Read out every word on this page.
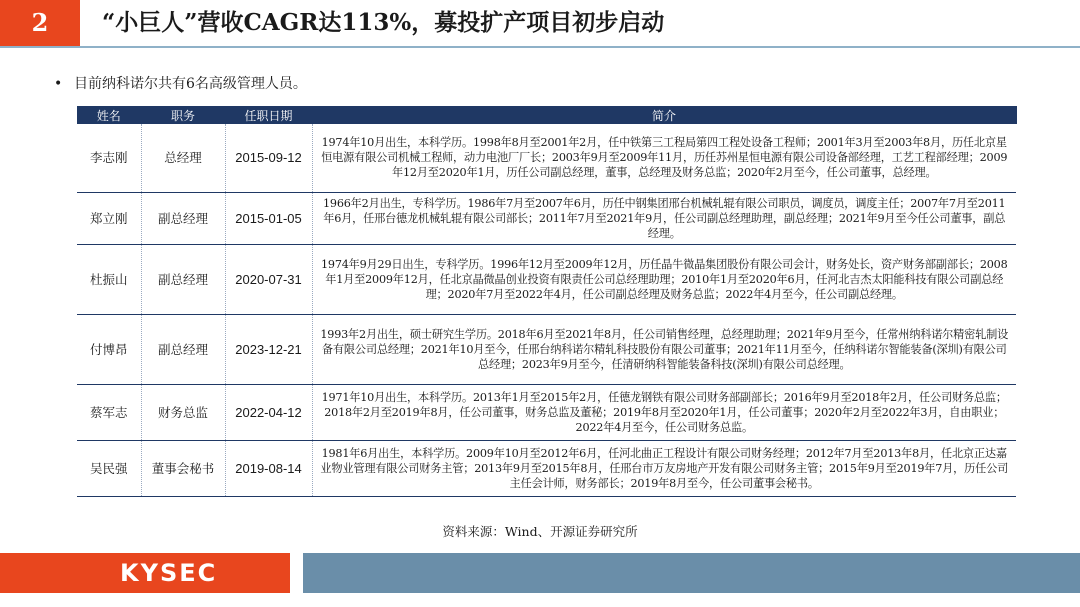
2	“小巨人”营收CAGR达113%，募投扩产项目初步启动
• 目前纳科诺尔共有6名高级管理人员。
姓名	职务	任职日期	简介
李志刚	总经理	2015-09-12	1974年10月出生，本科学历。1998年8月至2001年2月，任中铁第三工程局第四工程处设备工程师；2001年3月至2003年8月，历任北京星恒电源有限公司机械工程师，动力电池厂厂长；2003年9月至2009年11月，历任苏州星恒电源有限公司设备部经理，工艺工程部经理；2009年12月至2020年1月，历任公司副总经理，董事，总经理及财务总监；2020年2月至今，任公司董事，总经理。
郑立刚	副总经理	2015-01-05	1966年2月出生，专科学历。1986年7月至2007年6月，历任中钢集团邢台机械轧辊有限公司职员，调度员，调度主任；2007年7月至2011年6月，任邢台德龙机械轧辊有限公司部长；2011年7月至2021年9月，任公司副总经理助理，副总经理；2021年9月至今任公司董事，副总经理。
杜振山	副总经理	2020-07-31	1974年9月29日出生，专科学历。1996年12月至2009年12月，历任晶牛微晶集团股份有限公司会计，财务处长，资产财务部副部长；2008年1月至2009年12月，任北京晶微晶创业投资有限责任公司总经理助理；2010年1月至2020年6月，任河北吉杰太阳能科技有限公司副总经理；2020年7月至2022年4月，任公司副总经理及财务总监；2022年4月至今，任公司副总经理。
付博昂	副总经理	2023-12-21	1993年2月出生，硕士研究生学历。2018年6月至2021年8月，任公司销售经理，总经理助理；2021年9月至今，任常州纳科诺尔精密轧制设备有限公司总经理；2021年10月至今，任邢台纳科诺尔精轧科技股份有限公司董事；2021年11月至今，任纳科诺尔智能装备(深圳)有限公司总经理；2023年9月至今，任清研纳科智能装备科技(深圳)有限公司总经理。
蔡军志	财务总监	2022-04-12	1971年10月出生，本科学历。2013年1月至2015年2月，任德龙钢铁有限公司财务部副部长；2016年9月至2018年2月，任公司财务总监；2018年2月至2019年8月，任公司董事，财务总监及董秘；2019年8月至2020年1月，任公司董事；2020年2月至2022年3月，自由职业；2022年4月至今，任公司财务总监。
吴民强	董事会秘书	2019-08-14	1981年6月出生，本科学历。2009年10月至2012年6月，任河北曲正工程设计有限公司财务经理；2012年7月至2013年8月，任北京正达嘉业物业管理有限公司财务主管；2013年9月至2015年8月，任邢台市万友房地产开发有限公司财务主管；2015年9月至2019年7月，历任公司主任会计师，财务部长；2019年8月至今，任公司董事会秘书。
资料来源：Wind、开源证券研究所
KYSEC
